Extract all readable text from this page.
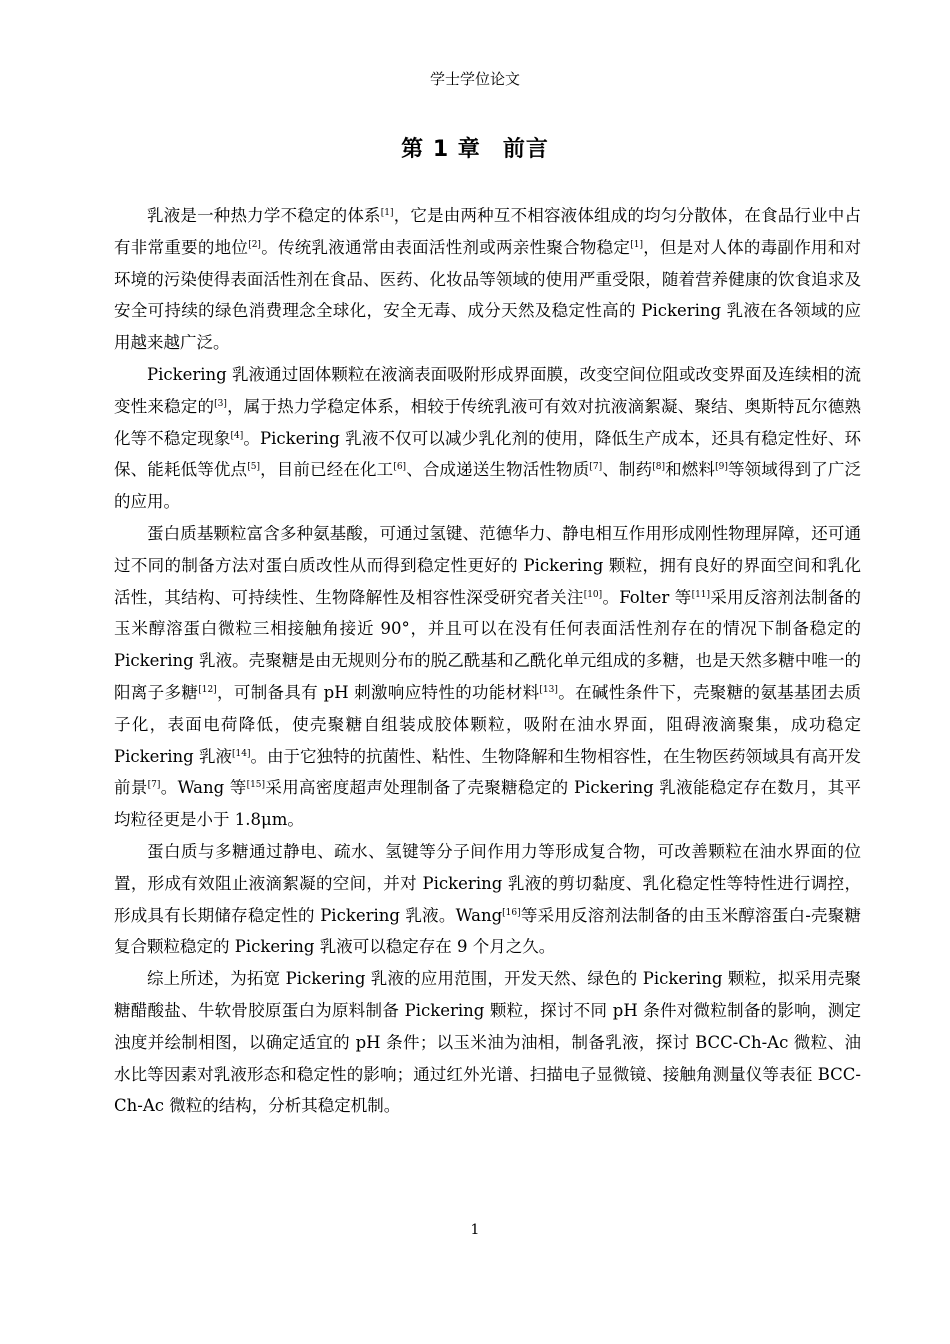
学士学位论文
第 1 章 前言

乳液是一种热力学不稳定的体系[1]，它是由两种互不相容液体组成的均匀分散体，在食品行业中占有非常重要的地位[2]。传统乳液通常由表面活性剂或两亲性聚合物稳定[1]，但是对人体的毒副作用和对环境的污染使得表面活性剂在食品、医药、化妆品等领域的使用严重受限，随着营养健康的饮食追求及安全可持续的绿色消费理念全球化，安全无毒、成分天然及稳定性高的 Pickering 乳液在各领域的应用越来越广泛。

Pickering 乳液通过固体颗粒在液滴表面吸附形成界面膜，改变空间位阻或改变界面及连续相的流变性来稳定的[3]，属于热力学稳定体系，相较于传统乳液可有效对抗液滴絮凝、聚结、奥斯特瓦尔德熟化等不稳定现象[4]。Pickering 乳液不仅可以减少乳化剂的使用，降低生产成本，还具有稳定性好、环保、能耗低等优点[5]，目前已经在化工[6]、合成递送生物活性物质[7]、制药[8]和燃料[9]等领域得到了广泛的应用。

蛋白质基颗粒富含多种氨基酸，可通过氢键、范德华力、静电相互作用形成刚性物理屏障，还可通过不同的制备方法对蛋白质改性从而得到稳定性更好的 Pickering 颗粒，拥有良好的界面空间和乳化活性，其结构、可持续性、生物降解性及相容性深受研究者关注[10]。Folter 等[11]采用反溶剂法制备的玉米醇溶蛋白微粒三相接触角接近 90°，并且可以在没有任何表面活性剂存在的情况下制备稳定的 Pickering 乳液。壳聚糖是由无规则分布的脱乙酰基和乙酰化单元组成的多糖，也是天然多糖中唯一的阳离子多糖[12]，可制备具有 pH 刺激响应特性的功能材料[13]。在碱性条件下，壳聚糖的氨基基团去质子化，表面电荷降低，使壳聚糖自组装成胶体颗粒，吸附在油水界面，阻碍液滴聚集，成功稳定 Pickering 乳液[14]。由于它独特的抗菌性、粘性、生物降解和生物相容性，在生物医药领域具有高开发前景[7]。Wang 等[15]采用高密度超声处理制备了壳聚糖稳定的 Pickering 乳液能稳定存在数月，其平均粒径更是小于 1.8μm。

蛋白质与多糖通过静电、疏水、氢键等分子间作用力等形成复合物，可改善颗粒在油水界面的位置，形成有效阻止液滴絮凝的空间，并对 Pickering 乳液的剪切黏度、乳化稳定性等特性进行调控，形成具有长期储存稳定性的 Pickering 乳液。Wang[16]等采用反溶剂法制备的由玉米醇溶蛋白-壳聚糖复合颗粒稳定的 Pickering 乳液可以稳定存在 9 个月之久。

综上所述，为拓宽 Pickering 乳液的应用范围，开发天然、绿色的 Pickering 颗粒，拟采用壳聚糖醋酸盐、牛软骨胶原蛋白为原料制备 Pickering 颗粒，探讨不同 pH 条件对微粒制备的影响，测定浊度并绘制相图，以确定适宜的 pH 条件；以玉米油为油相，制备乳液，探讨 BCC-Ch-Ac 微粒、油水比等因素对乳液形态和稳定性的影响；通过红外光谱、扫描电子显微镜、接触角测量仪等表征 BCC-Ch-Ac 微粒的结构，分析其稳定机制。

1
